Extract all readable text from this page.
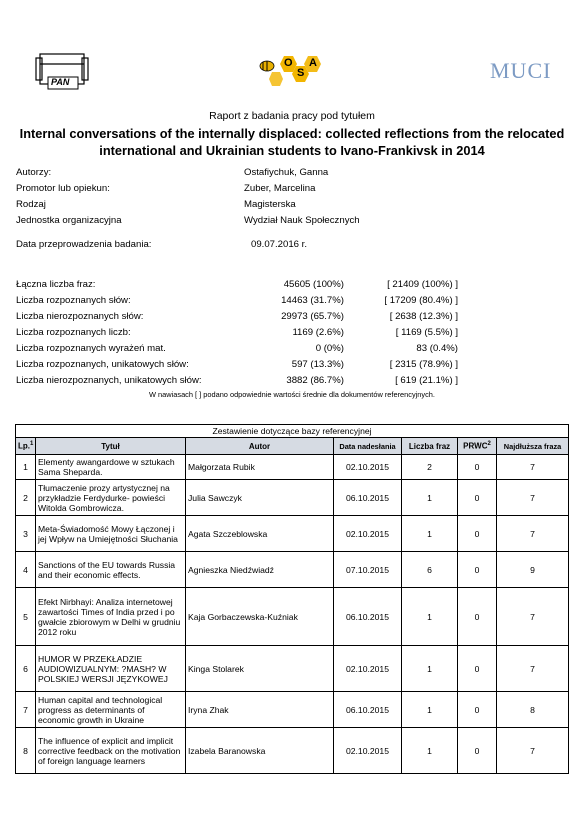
PAN
O
S
A	MUCI
Raport z badania pracy pod tytułem
Internal conversations of the internally displaced: collected reflections from the relocated international and Ukrainian students to Ivano-Frankivsk in 2014
Autorzy:	Ostafiychuk, Ganna
Promotor lub opiekun:	Zuber, Marcelina
Rodzaj	Magisterska
Jednostka organizacyjna	Wydział Nauk Społecznych
Data przeprowadzenia badania:	09.07.2016 r.
Łączna liczba fraz:	45605 (100%)	[ 21409 (100%) ]
Liczba rozpoznanych słów:	14463 (31.7%)	[ 17209 (80.4%) ]
Liczba nierozpoznanych słów:	29973 (65.7%)	[ 2638 (12.3%) ]
Liczba rozpoznanych liczb:	1169 (2.6%)	[ 1169 (5.5%) ]
Liczba rozpoznanych wyrażeń mat.	0 (0%)	83 (0.4%)
Liczba rozpoznanych, unikatowych słów:	597 (13.3%)	[ 2315 (78.9%) ]
Liczba nierozpoznanych, unikatowych słów:	3882 (86.7%)	[ 619 (21.1%) ]
W nawiasach [ ] podano odpowiednie wartości średnie dla dokumentów referencyjnych.
Zestawienie dotyczące bazy referencyjnej						
Lp.$^1$	Tytuł	Autor	Data nadesłania	Liczba fraz	PRWC$^2$	Najdłuższa fraza
1	Elementy awangardowe w sztukach Sama Sheparda.	Małgorzata Rubik	02.10.2015	2	0	7
2	Tłumaczenie prozy artystycznej na przykładzie Ferdydurke- powieści Witolda Gombrowicza.	Julia Sawczyk	06.10.2015	1	0	7
3	Meta-Świadomość Mowy Łączonej i jej Wpływ na Umiejętności Słuchania	Agata Szczeblowska	02.10.2015	1	0	7
4	Sanctions of the EU towards Russia and their economic effects.	Agnieszka Niedźwiadź	07.10.2015	6	0	9
5	Efekt Nirbhayi: Analiza internetowej zawartości Times of India przed i po gwałcie zbiorowym w Delhi w grudniu 2012 roku	Kaja Gorbaczewska-Kuźniak	06.10.2015	1	0	7
6	HUMOR W PRZEKŁADZIE AUDIOWIZUALNYM: ?MASH? W POLSKIEJ WERSJI JĘZYKOWEJ	Kinga Stolarek	02.10.2015	1	0	7
7	Human capital and technological progress as determinants of economic growth in Ukraine	Iryna Zhak	06.10.2015	1	0	8
8	The influence of explicit and implicit corrective feedback on the motivation of foreign language learners	Izabela Baranowska	02.10.2015	1	0	7
